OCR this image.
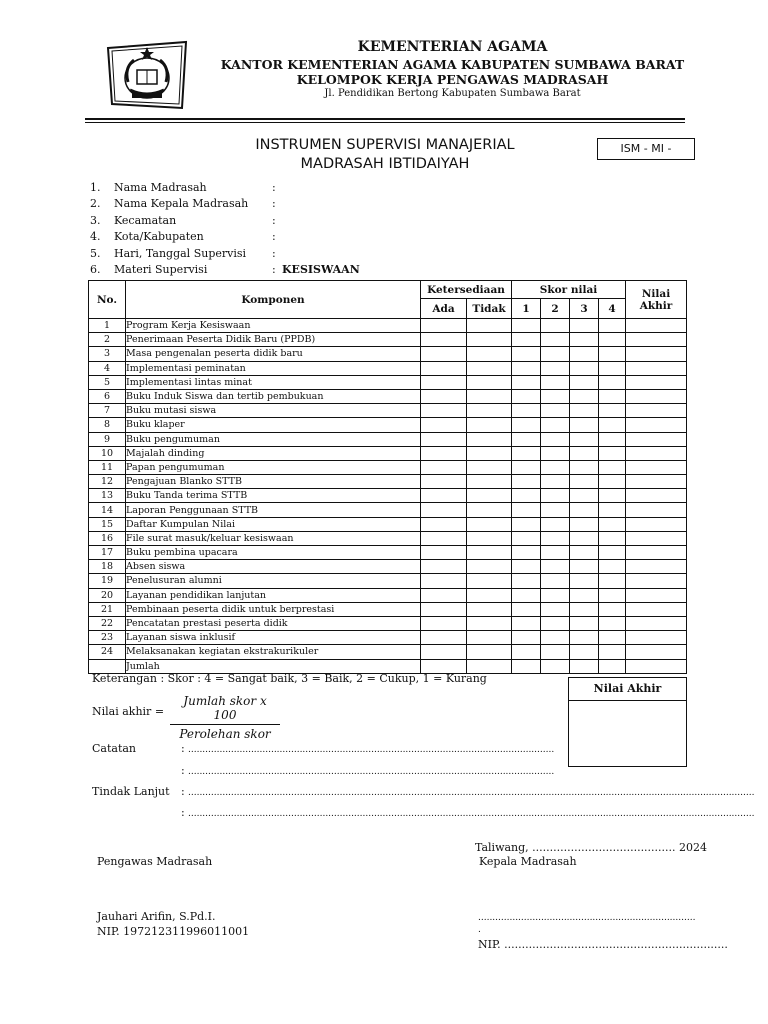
KEMENTERIAN AGAMA
KANTOR KEMENTERIAN AGAMA KABUPATEN SUMBAWA BARAT
KELOMPOK KERJA PENGAWAS MADRASAH
Jl. Pendidikan Bertong Kabupaten Sumbawa Barat
INSTRUMEN SUPERVISI MANAJERIAL
MADRASAH IBTIDAIYAH
ISM - MI -
1. Nama Madrasah	:
2. Nama Kepala Madrasah :
3. Kecamatan	:
4. Kota/Kabupaten	:
5. Hari, Tanggal Supervisi :
6. Materi Supervisi	: KESISWAAN
No.	Komponen	Ketersediaan		Skor nilai				Nilai Akhir
		Ada	Tidak	1	2	3	4	
1	Program Kerja Kesiswaan							
2	Penerimaan Peserta Didik Baru (PPDB)							
3	Masa pengenalan peserta didik baru							
4	Implementasi peminatan							
5	Implementasi lintas minat							
6	Buku Induk Siswa dan tertib pembukuan							
7	Buku mutasi siswa							
8	Buku klaper							
9	Buku pengumuman							
10	Majalah dinding							
11	Papan pengumuman							
12	Pengajuan Blanko STTB							
13	Buku Tanda terima STTB							
14	Laporan Penggunaan STTB							
15	Daftar Kumpulan Nilai							
16	File surat masuk/keluar kesiswaan							
17	Buku pembina upacara							
18	Absen siswa							
19	Penelusuran alumni							
20	Layanan pendidikan lanjutan							
21	Pembinaan peserta didik untuk berprestasi							
22	Pencatatan prestasi peserta didik							
23	Layanan siswa inklusif							
24	Melaksanakan kegiatan ekstrakurikuler							
	Jumlah							
Keterangan : Skor : 4 = Sangat baik, 3 = Baik, 2 = Cukup, 1 = Kurang
Nilai Akhir
Nilai akhir =
Jumlah skor x 100
Perolehan skor
Catatan	: ................................................................................................................................
: ................................................................................................................................
Tindak Lanjut : ......................................................................................................................................................................................................
: ......................................................................................................................................................................................................
Taliwang, ......................................... 2024
Pengawas Madrasah	Kepala Madrasah
Jauhari Arifin, S.Pd.I.
NIP. 197212311996011001
............................................................................
.
NIP. ................................................................
